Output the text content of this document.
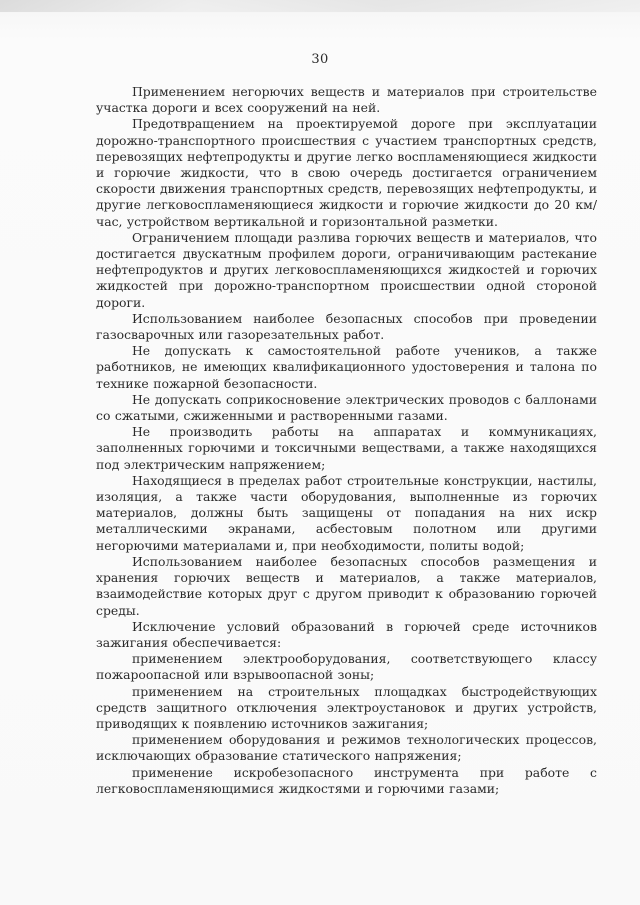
30

Применением негорючих веществ и материалов при строительстве участка дороги и всех сооружений на ней.

Предотвращением на проектируемой дороге при эксплуатации дорожно-транспортного происшествия с участием транспортных средств, перевозящих нефтепродукты и другие легко воспламеняющиеся жидкости и горючие жидкости, что в свою очередь достигается ограничением скорости движения транспортных средств, перевозящих нефтепродукты, и другие легковоспламеняющиеся жидкости и горючие жидкости до 20 км/час, устройством вертикальной и горизонтальной разметки.

Ограничением площади разлива горючих веществ и материалов, что достигается двускатным профилем дороги, ограничивающим растекание нефтепродуктов и других легковоспламеняющихся жидкостей и горючих жидкостей при дорожно-транспортном происшествии одной стороной дороги.

Использованием наиболее безопасных способов при проведении газосварочных или газорезательных работ.

Не допускать к самостоятельной работе учеников, а также работников, не имеющих квалификационного удостоверения и талона по технике пожарной безопасности.

Не допускать соприкосновение электрических проводов с баллонами со сжатыми, сжиженными и растворенными газами.

Не производить работы на аппаратах и коммуникациях, заполненных горючими и токсичными веществами, а также находящихся под электрическим напряжением;

Находящиеся в пределах работ строительные конструкции, настилы, изоляция, а также части оборудования, выполненные из горючих материалов, должны быть защищены от попадания на них искр металлическими экранами, асбестовым полотном или другими негорючими материалами и, при необходимости, политы водой;

Использованием наиболее безопасных способов размещения и хранения горючих веществ и материалов, а также материалов, взаимодействие которых друг с другом приводит к образованию горючей среды.

Исключение условий образований в горючей среде источников зажигания обеспечивается:

применением электрооборудования, соответствующего классу пожароопасной или взрывоопасной зоны;

применением на строительных площадках быстродействующих средств защитного отключения электроустановок и других устройств, приводящих к появлению источников зажигания;

применением оборудования и режимов технологических процессов, исключающих образование статического напряжения;

применение искробезопасного инструмента при работе с легковоспламеняющимися жидкостями и горючими газами;
